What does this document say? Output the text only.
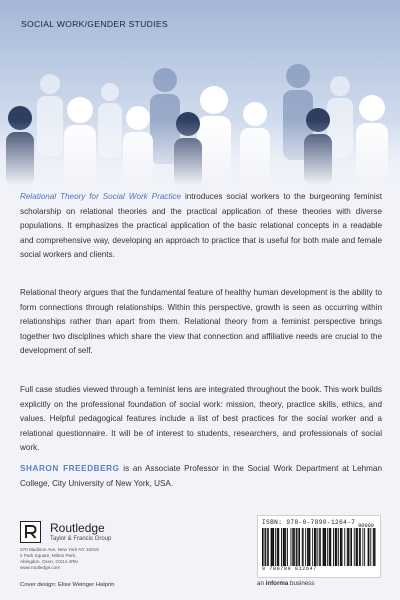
SOCIAL WORK/GENDER STUDIES

Relational Theory for Social Work Practice introduces social workers to the burgeoning feminist scholarship on relational theories and the practical application of these theories with diverse populations. It emphasizes the practical application of the basic relational concepts in a readable and comprehensive way, developing an approach to practice that is useful for both male and female social workers and clients.

Relational theory argues that the fundamental feature of healthy human development is the ability to form connections through relationships. Within this perspective, growth is seen as occurring within relationships rather than apart from them. Relational theory from a feminist perspective brings together two disciplines which share the view that connection and affiliative needs are crucial to the development of self.

Full case studies viewed through a feminist lens are integrated throughout the book. This work builds explicitly on the professional foundation of social work: mission, theory, practice skills, ethics, and values. Helpful pedagogical features include a list of best practices for the social worker and a relational questionnaire. It will be of interest to students, researchers, and professionals of social work.

SHARON FREEDBERG is an Associate Professor in the Social Work Department at Lehman College, City University of New York, USA.

Routledge
Taylor & Francis Group
270 Madison Ave, New York NY 10016
2 Park Square, Milton Park,
Abingdon, Oxon, OX14 4RN
www.routledge.com
Cover design: Elise Weinger Halprin
ISBN: 978-0-7890-1264-7
9 780789 012647
90000
an informa business
